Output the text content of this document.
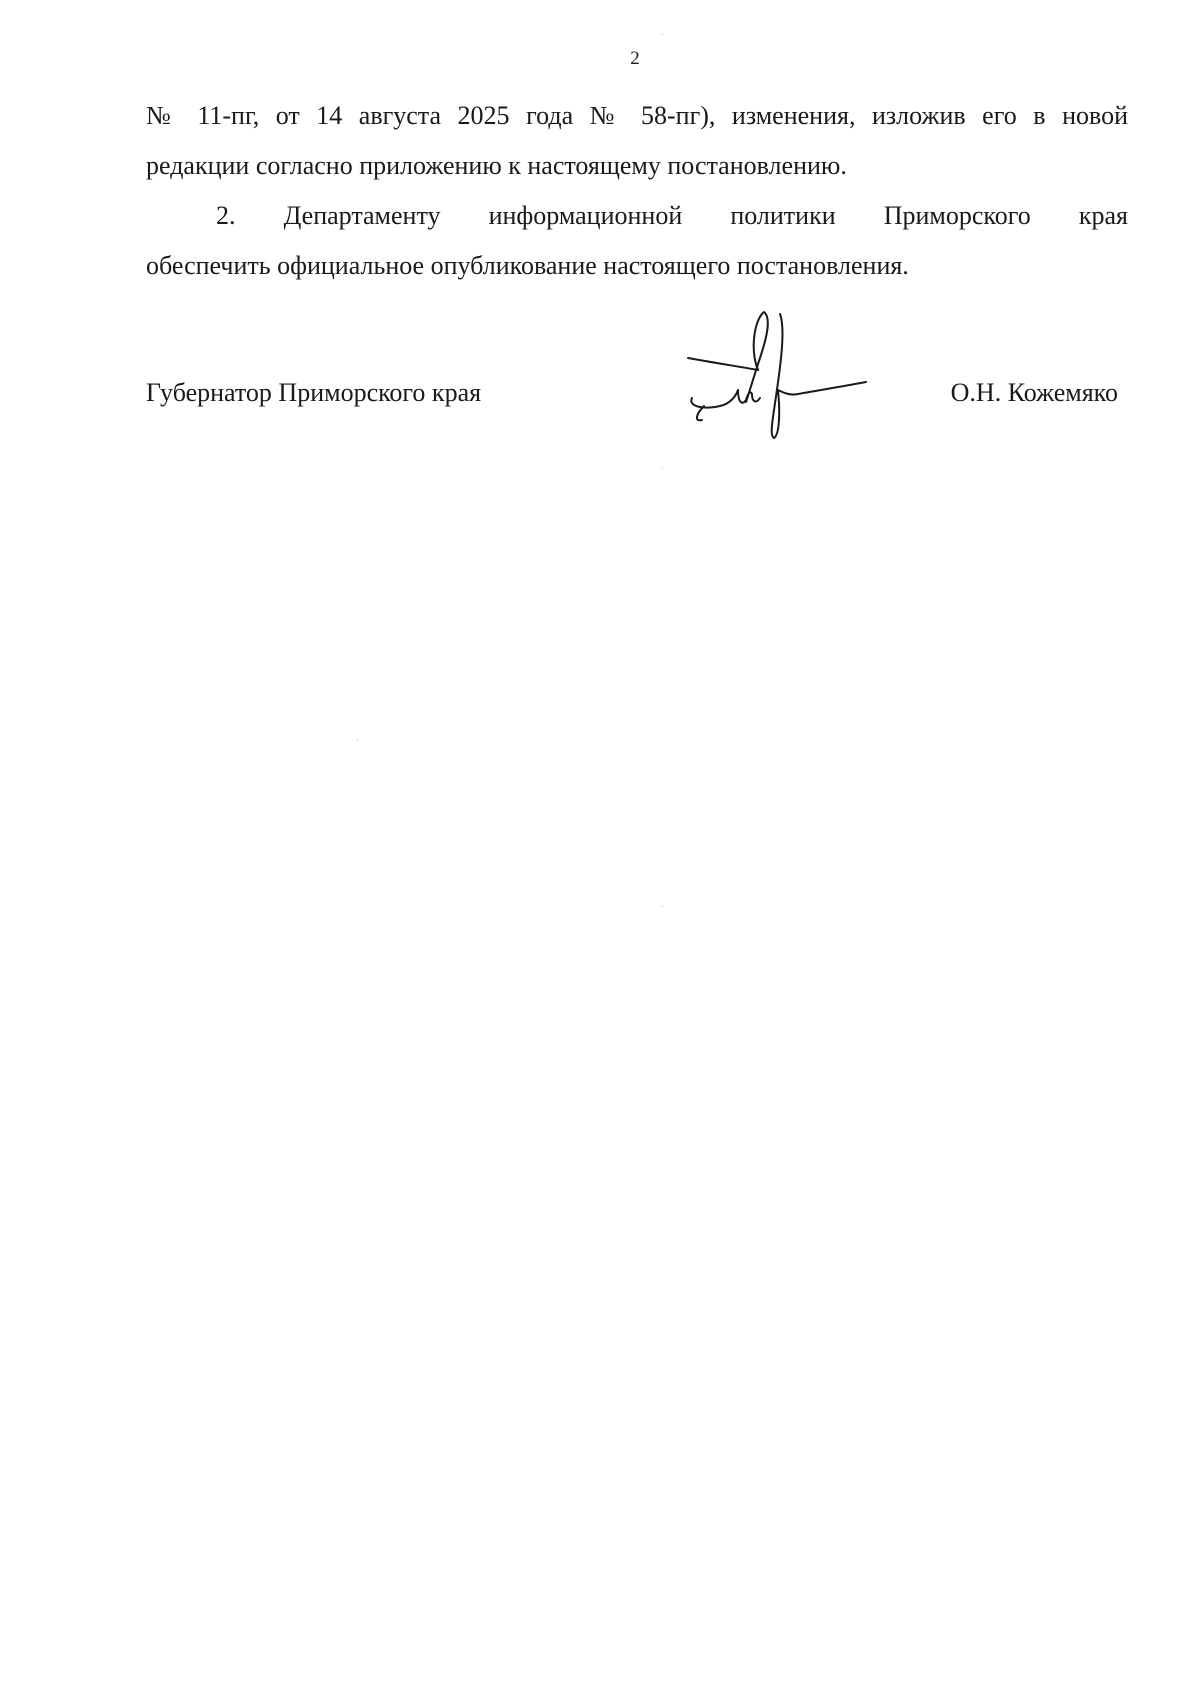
2
№ 11-пг, от 14 августа 2025 года № 58-пг), изменения, изложив его в новой
редакции согласно приложению к настоящему постановлению.
2. Департаменту информационной политики Приморского края
обеспечить официальное опубликование настоящего постановления.
Губернатор Приморского края	О.Н. Кожемяко
